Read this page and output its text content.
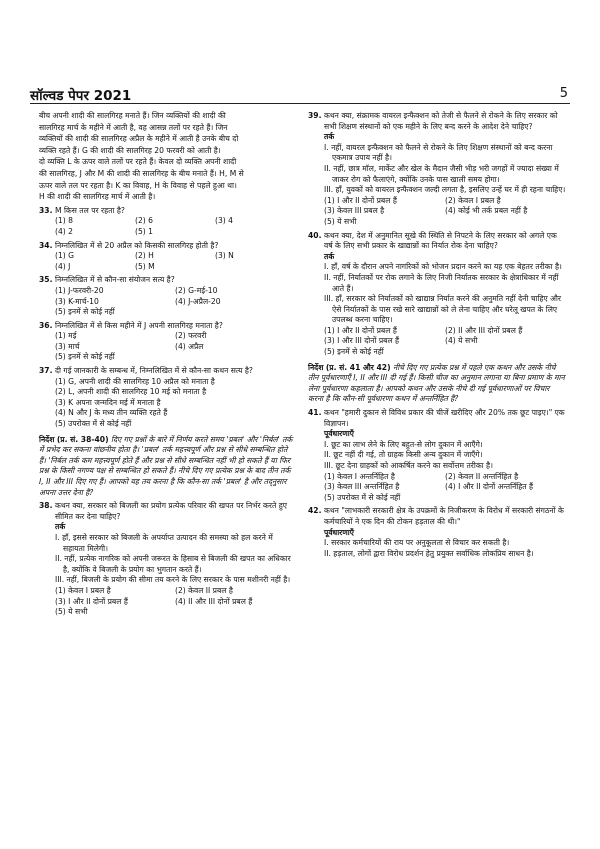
सॉल्वड पेपर 2021	5

बीच अपनी शादी की सालगिरह मनाते हैं। जिन व्यक्तियों की शादी की

सालगिरह मार्च के महीने में आती है, वह आसन्न तलों पर रहते हैं। जिन

व्यक्तियों की शादी की सालगिरह अप्रैल के महीने में आती है उनके बीच दो

व्यक्ति रहते हैं। G की शादी की सालगिरह 20 फरवरी को आती है।

दो व्यक्ति L के ऊपर वाले तलों पर रहते हैं। केवल दो व्यक्ति अपनी शादी

की सालगिरह, J और M की शादी की सालगिरह के बीच मनाते हैं। H, M से

ऊपर वाले तल पर रहता है। K का विवाह, H के विवाह से पहले हुआ था।

H की शादी की सालगिरह मार्च में आती है।

33. M किस तल पर रहता है?
(1) 8	(2) 6	(3) 4
(4) 2	(5) 1
34. निम्नलिखित में से 20 अप्रैल को किसकी सालगिरह होती है?
(1) G	(2) H	(3) N
(4) J	(5) M
35. निम्नलिखित में से कौन-सा संयोजन सत्य है?
(1) J-फरवरी-20	(2) G-मई-10
(3) K-मार्च-10	(4) J-अप्रैल-20
(5) इनमें से कोई नहीं
36. निम्नलिखित में से किस महीने में J अपनी सालगिरह मनाता है?
(1) मई	(2) फरवरी
(3) मार्च	(4) अप्रैल
(5) इनमें से कोई नहीं
37. दी गई जानकारी के सम्बन्ध में, निम्नलिखित में से कौन-सा कथन सत्य है?
(1) G, अपनी शादी की सालगिरह 10 अप्रैल को मनाता है
(2) L, अपनी शादी की सालगिरह 10 मई को मनाता है
(3) K अपना जन्मदिन मई में मनाता है
(4) N और J के मध्य तीन व्यक्ति रहते हैं
(5) उपरोक्त में से कोई नहीं
निर्देश (प्र. सं. 38-40) दिए गए प्रश्नों के बारे में निर्णय करते समय 'प्रबल' और 'निर्बल' तर्क में प्रभेद कर सकना वांछनीय होता है। 'प्रबल' तर्क महत्त्वपूर्ण और प्रश्न से सीधे सम्बन्धित होते हैं। 'निर्बल तर्क कम महत्त्वपूर्ण होते हैं और प्रश्न से सीधे सम्बन्धित नहीं भी हो सकते हैं या फिर प्रश्न के किसी नगण्य पक्ष से सम्बन्धित हो सकते हैं। नीचे दिए गए प्रत्येक प्रश्न के बाद तीन तर्क I, II और III दिए गए हैं। आपको यह तय करना है कि कौन-सा तर्क 'प्रबल' है और तद्नुसार अपना उत्तर देना है?
38. कथन क्या, सरकार को बिजली का प्रयोग प्रत्येक परिवार की खपत पर निर्भर करते हुए सीमित कर देना चाहिए?
तर्क
I. हाँ, इससे सरकार को बिजली के अपर्याप्त उत्पादन की समस्या को हल करने में सहायता मिलेगी।
II. नहीं, प्रत्येक नागरिक को अपनी जरूरत के हिसाब से बिजली की खपत का अधिकार है, क्योंकि वे बिजली के प्रयोग का भुगतान करते हैं।
III. नहीं, बिजली के प्रयोग की सीमा तय करने के लिए सरकार के पास मशीनरी नहीं है।
(1) केवल I प्रबल है	(2) केवल II प्रबल है
(3) I और II दोनों प्रबल हैं	(4) II और III दोनों प्रबल हैं
(5) ये सभी
39. कथन क्या, संक्रामक वायरल इन्फैक्शन को तेजी से फैलने से रोकने के लिए सरकार को सभी शिक्षण संस्थानों को एक महीने के लिए बन्द करने के आदेश देने चाहिए?
तर्क
I. नहीं, वायरल इन्फैक्शन को फैलने से रोकने के लिए शिक्षण संस्थानों को बन्द करना एकमात्र उपाय नहीं है।
II. नहीं, छात्र मॉल, मार्केट और खेल के मैदान जैसी भीड़ भरी जगहों में ज्यादा संख्या में जाकर रोग को फैलाएंगे, क्योंकि उनके पास खाली समय होगा।
III. हाँ, युवकों को वायरल इन्फैक्शन जल्दी लगता है, इसलिए उन्हें घर में ही रहना चाहिए।
(1) I और II दोनों प्रबल हैं	(2) केवल I प्रबल है
(3) केवल III प्रबल है	(4) कोई भी तर्क प्रबल नहीं है
(5) ये सभी
40. कथन क्या, देश में अनुमानित सूखे की स्थिति से निपटने के लिए सरकार को अगले एक वर्ष के लिए सभी प्रकार के खाद्यान्नों का निर्यात रोक देना चाहिए?
तर्क
I. हाँ, वर्ष के दौरान अपने नागरिकों को भोजन प्रदान करने का यह एक बेहतर तरीका है।
II. नहीं, निर्यातकों पर रोक लगाने के लिए निजी निर्यातक सरकार के क्षेत्राधिकार में नहीं आते हैं।
III. हाँ, सरकार को निर्यातकों को खाद्यान्न निर्यात करने की अनुमति नहीं देनी चाहिए और ऐसे निर्यातकों के पास रखे सारे खाद्यान्नों को ले लेना चाहिए और घरेलू खपत के लिए उपलब्ध करना चाहिए।
(1) I और II दोनों प्रबल हैं	(2) II और III दोनों प्रबल हैं
(3) I और III दोनों प्रबल हैं	(4) ये सभी
(5) इनमें से कोई नहीं
निर्देश (प्र. सं. 41 और 42) नीचे दिए गए प्रत्येक प्रश्न में पहले एक कथन और उसके नीचे तीन पूर्वधारणाएँ I, II और III दी गई हैं। किसी चीज का अनुमान लगाना या बिना प्रमाण के मान लेना पूर्वधारणा कहलाता है। आपको कथन और उसके नीचे दी गई पूर्वधारणाओं पर विचार करना है कि कौन-सी पूर्वधारणा कथन में अन्तर्निहित है?
41. कथन "हमारी दुकान से विविध प्रकार की चीजें खरीदिए और 20% तक छूट पाइए।" एक विज्ञापन।
पूर्वधारणाएँ
I. छूट का लाभ लेने के लिए बहुत-से लोग दुकान में आएँगे।
II. छूट नहीं दी गई, तो ग्राहक किसी अन्य दुकान में जाएँगे।
III. छूट देना ग्राहकों को आकर्षित करने का सर्वोत्तम तरीका है।
(1) केवल I अन्तर्निहित है	(2) केवल II अन्तर्निहित है
(3) केवल III अन्तर्निहित है	(4) I और II दोनों अन्तर्निहित हैं
(5) उपरोक्त में से कोई नहीं
42. कथन "लाभकारी सरकारी क्षेत्र के उपक्रमों के निजीकरण के विरोध में सरकारी संगठनों के कर्मचारियों ने एक दिन की टोकन हड़ताल की थी।"
पूर्वधारणाएँ
I. सरकार कर्मचारियों की राय पर अनुकूलता से विचार कर सकती है।
II. हड़ताल, लोगों द्वारा विरोध प्रदर्शन हेतु प्रयुक्त सर्वाधिक लोकप्रिय साधन है।
